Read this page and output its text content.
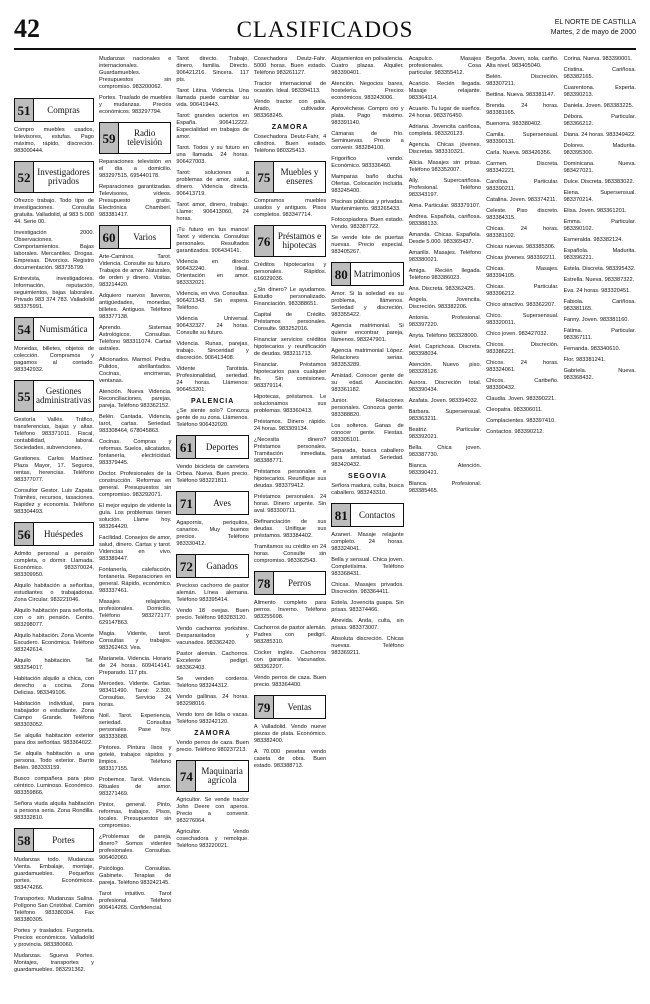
42	CLASIFICADOS	EL NORTE DE CASTILLA
Martes, 2 de mayo de 2000
51	Compras

Compro muebles usados, televisores, estufas. Pago máximo, rápido, discreción. 983000444.

52 Investigadores privados

Ofrezco trabajo. Todo tipo de investigaciones. Consulta gratuita. Valladolid, al 983 5.000 44. Serie 00.

Investigación 2000. Observaciones. Comportamientos. Bajas laborales. Mercantiles. Drogas. Empresas. Divorcios. Registro documentación. 983735799.

Entrevista, investigadores. Información, reputación, seguimientos, bajas laborales. Privado 983 374 783. Valladolid 983375991.

54 Numismática

Monedas, billetes, objetos de colección. Compramos y pagamos al contado. 983342932.

55	Gestiones administrativas

Gestoría Vallés. Tráfico, transferencias, bajas y altas. Teléfono 983371011. Fiscal, contabilidad, laboral. Sociedades, subvenciones.

Gestiones. Carlos Martínez. Plaza Mayor, 17. Seguros, rentas, herencias. Teléfono 983377077.

Consultor Gestor. Luis Zapata. Trámites, recursos, tasaciones. Rapidez y economía. Teléfono 983304493.

56	Huéspedes

Admito personal a pensión completa, o dormir. Llamada. Económico. 983370024, 983309950.

Alquilo habitación a señoritas, estudiantes o trabajadoras. Zona Circular. 983221046.

Alquilo habitación para señorita, con o sin pensión. Centro. 983298077.

Alquilo habitación. Zona Vicente Escudero. Económica. Teléfono 983242614.

Alquilo habitación. Tel. 983254017.

Habitación alquilo a chica, con derecho a cocina. Zona Delicias. 983349106.

Habitación individual, para trabajador o estudiante. Zona Campo Grande. Teléfono 983303052.

Se alquila habitación exterior para dos señoritas. 983364022.

Se alquila habitación a una persona. Todo exterior. Barrio Belén. 983333159.

Busco compañera para piso céntrico. Luminoso. Económico. 983359866.

Señora viuda alquila habitación a persona seria. Zona Rondilla. 983332810.

58	Portes

Mudanzas todo. Mudanzas Vienta. Embalaje, montaje, guardamuebles. Pequeños portes. Económicos. 983474266.

Transportes. Mudanzas Salina. Polígono San Cristóbal. Camión Teléfono 983380304. Fax 983380305.

Portes y traslados. Furgoneta. Precios económicos. Valladolid y provincia. 983380060.

Mudanzas. Sgueva Portes. Montajes, transportes y guardamuebles. 983291362.

Mudanzas nacionales e internacionales. Guardamuebles. Presupuestos sin compromiso. 983200062.

Portes. Traslado de muebles y mudanzas. Precios económicos. 983297794.

59	Radio televisión

Reparaciones televisión en el día a domicilio. 983297515. 695440178.

Reparaciones garantizadas. Televisores, vídeos. Presupuesto gratis. Electrónica Chamberí. 983381417.

60	Varios

Arte-Caminos. Tarot. Videncia. Consulte su futuro. Trabajos de amor. Naturales, de orden y dinero. Visitas. 983214420.

Adquiero nuevos llaveros, antigüedades, monedas, billetes. Antiguos. Teléfono 983377138.

Aprendo. Sistemas Astrológicos. Consultas. Teléfono 983311074. Cartas astrales.

Aficionados. Marmol. Pedra. Pulidos, abrillantados. Cocinas, encimeras, ventanas.

Atención. Nueva Videncia. Reconciliaciones, parejas, pareja. Teléfono 983362152.

Belén. Cantada. Videncia, tarot, cartas. Seriedad. 983308464, 678045863.

Cocinas. Compras y reformas. Suelos, alicatados, fontanería, electricidad. 983379445.

Doctor. Profesionales de la construcción. Reformas en general. Presupuestos sin compromiso. 983292071.

El mejor equipo de vidente la guía. Los problemas tienen solución. Llame hoy. 983264420.

Facilidad. Consejos de amor, salud, dinero. Cartas y tarot. Videncias en vivo. 983389447.

Fontanería, calefacción, fontanería. Reparaciones en general. Rápido, económico. 983337461.

Masajes relajantes, profesionales. Domicilio. Teléfono 983272177. 629147863.

Magia. Vidente, tarot. Consultas y trabajos. 983262463. Vea.

Marianela. Videncia. Horario de 24 horas. 609414141. Preparado. 117 pts.

Mercedes. Vidente. Cartas. 983411490. Tarot: 2.300. Consultas. Servicio 24 horas.

Noil. Tarot. Experiencia, seriedad. Consultas personales. Pase hoy. 983333688.

Pintores. Pintura lisos y gotelé, trabajos rápidos y limpios. Teléfono 983317155.

Probemos. Tarot. Videncia. Rituales de amor. 983271469.

Pintor, general. Pinto, reformas, trabajos. Pisos, locales. Presupuestos sin compromiso.

¿Problemas de pareja, dinero? Somos videntes profesionales. Consultas. 906402060.

Psicólogo. Consultas. Gabinete. Terapias de pareja. Teléfono 983242145.

Tarot intuitivo. Tarot profesional. Teléfono 906414265. Confidencial.

Tarot directo. Trabajo, dinero, familia. Directo. 906421216. Sincera. 117 pts.

Tarot Litina. Videncia. Una llamada puede cambiar su vida. 906419443.

Tarot: grandes aciertos en España. 906412222. Especialidad en trabajos de amor.

Tarot. Todos y su futuro en una llamada. 24 horas. 906427003.

Tarot: soluciones a problemas de amor, salud, dinero. Videncia directa. 906413719.

Tarot amor, dinero, trabajo. Llame: 906413060, 24 horas.

¡Tu futuro en tus manos! Tarot y videncia. Consultas personales. Resultados garantizados. 906434141.

Videncia en directo 906432240. Ideal. Orientación en amor. 983332021.

Videncia, en vivo. Consultas. 906421343. Sin espera. Teléfono.

Videncia Universal. 906432327. 24 horas. Consulte su futuro.

Videncia. Runas, parejas, trabajo. Sinceridad y discreción. 906413408.

Vidente Tarotista. Profesionalidad, seriedad. 24 horas. Llámenos: 906453201.

PALENCIA

¿Se siente solo? Conozca gente de su zona. Llámenos. Teléfono 906432020.

61	Deportes

Vendo bicicleta de carretera Orbea. Nueva. Buen precio. Teléfono 983221811.

71	Aves

Agapornis, periquitos, canarios. Muy buenos precios. Teléfono 983330412.

72	Ganados

Precioso cachorro de pastor alemán. Línea alemana. Teléfono 983395414.

Vendo 18 ovejas. Buen precio. Teléfono 983283120.

Vendo cachorros yorkshire. Desparasitados y vacunados. 983362420.

Pastor alemán. Cachorros. Excelente pedigrí. 983362403.

Se venden corderos. Teléfono 983244312.

Vendo gallinas. 24 horas. 983298016.

Vendo toro de lidia o vacas. Teléfono 983242120.

ZAMORA

Vendo perros de caza. Buen precio. Teléfono 980237213.

74 Maquinaria agrícola

Agricultor. Se vende tractor John Deere con aperos. Precio a convenir. 983276064.

Agricultor. Vendo cosechadora y remolque. Teléfono 983220021.

Cosechadora Deutz-Fahr. 5000 horas. Buen estado. Teléfono 983261127.

Tractor internacional de ocasión. Ideal. 983394113.

Vendo tractor con pala. Arado, cultivador. 983368245.

ZAMORA

Cosechadora Deutz-Fahr, 4 cilindros. Buen estado. Teléfono 980325413.

75	Muebles y enseres

Compramos muebles usados y antiguos. Pisos completos. 983347714.

76 Préstamos e hipotecas

Créditos hipotecarios y personales. Rápidos. 616029036.

¿Sin dinero? Le ayudamos. Estudio personalizado. Financiación. 983388651.

Capital de Crédito. Préstamos personales. Consulte. 983252016.

Financiar servicios créditos hipotecarios y reunificación de deudas. 983211713.

Financiar. Préstamos hipotecarios para cualquier fin. Sin comisiones. 983379114.

Hipotecas, préstamos. Le solucionamos sus problemas. 983360413.

Préstamos. Dinero rápido. 24 horas. 983309134.

¿Necesita dinero? Préstamos personales. Tramitación inmediata. 983388771.

Préstamos personales e hipotecarios. Reunifique sus deudas. 983379412.

Préstamos personales. 24 horas. Dinero urgente. Sin aval. 983300711.

Refinanciación de sus deudas. Unifique sus préstamos. 983384402.

Tramitamos su crédito en 24 horas. Consulte sin compromiso. 983362543.

78	Perros

Alimento completo para perros. Inverno. Teléfono 983255698.

Cachorros de pastor alemán. Padres con pedigrí. 983285310.

Cocker inglés. Cachorros con garantía. Vacunados. 983362207.

Vendo perros de caza. Buen precio. 983364400.

79	Ventas

A Valladolid. Vendo nueve piezas de plata. Económico. 983382400.

A 70.000 pesetas vendo caseta de obra. Buen estado. 983388713.

Alojamientos en polivalencia. Cuatro plazas. Alquiler. 983390401.

Atención. Negocios bares, hostelería. Precios económicos. 983243006.

Aprovéchese. Compro oro y plata. Pago máximo. 983391140.

Cámaras de frío. Seminuevas. Precio a convenir. 983284100.

Frigorífico vendo. Económico. 983336460.

Mamparas baño ducha. Ofertas. Colocación incluida. 983245400.

Piscinas públicas y privadas. Mantenimiento. 983265433.

Fotocopiadora. Buen estado. Vendo. 983387722.

Se vende lote de puertas nuevas. Precio especial. 983405267.

80 Matrimonios

Amor. Si la soledad es su problema, llámenos. Seriedad y discreción. 983355422.

Agencia matrimonial. Si quiere encontrar pareja, llámenos. 983247901.

Agencia matrimonial López. Relaciones serias. 983353289.

Amistad. Conocer gente de su edad. Asociación. 983361182.

Junior. Relaciones personales. Conozca gente. 983388820.

Los solteros. Ganas de conocer gente. Fiestas. 983305101.

Separada, busca caballero para amistad. Seriedad. 983420432.

SEGOVIA

Señora madura, culta, busca caballero. 983243310.

81	Contactos

Azaneri. Masaje relajante completo. 24 horas. 983324041.

Bella y sensual. Chica joven. Completísima. Teléfono 983368431.

Chicas. Masajes privados. Discreción. 983364411.

Estela. Jovencita guapa. Sin prisas. 983374466.

Atrevida. Anda, culta, sin prisas. 983373007.

Absoluta discreción. Chicas nuevas. Teléfono 983369211.

Acapulco. Masajes profesionales. Cosa particular. 983355412.

Acaricio. Recién llegada. Masaje relajante. 983364114.

Acuario. Tu lugar de sueños. 24 horas. 983376450.

Adriana. Jovencita cariñosa, completa. 983320123.

Agencia. Chicas jóvenes. Discretas. 983310321.

Alicia. Masajes sin prisas. Teléfono 983352007.

Ally. Supercariñosa. Profesional. Teléfono 983343197.

Alma. Particular. 983379107.

Andrea. Española, cariñosa. 983388133.

Amanda. Chicas. Española. Desde 5.000. 983365437.

Amarilis. Masajes. Teléfono 983380021.

Amiga. Recién llegada. Teléfono 983386023.

Ana. Discreta. 983362425.

Ángela. Jovencita. Discreción. 983382206.

Antonia. Profesional. 983397220.

Anyta. Teléfono 983328000.

Ariel. Caprichosa. Discreta. 983398034.

Atención. Nuevo piso. 983328126.

Aurora. Discreción total. 983390434.

Azafata. Joven. 983394032.

Bárbara. Supersensual. 983363211.

Beatriz. Particular. 983392021.

Bella. Chica joven. 983387730.

Bianca. Atención. 983390421.

Blanca. Profesional. 983385465.

Begoña. Joven, sola, cariño. Alta nivel. 983405040.

Belén. Discreción. 983307211.

Bettina. Nueva. 983381147.

Brenda. 24 horas. 983381165.

Buenorra. 983380402.

Camila. Supersensual. 983390131.

Carla. Nueva. 983426356.

Carmen. Discreta. 983342221.

Carolina. Particular. 983390211.

Catalina. Joven. 983374211.

Celeste. Piso discreto. 983384315.

Chicas. 24 horas. 983381102.

Chicas nuevas. 983385306.

Chicas jóvenes. 983392211.

Chicas. Masajes. 983394105.

Chicas. Particular. 983396212.

Chico atractivo. 983362207.

Chico. Supersensual. 983320011.

Chico joven. 983427032.

Chicos. Discreción. 983386221.

Chicos. 24 horas. 983324061.

Chicos. Caribeño. 983390432.

Claudia. Joven. 983390221.

Cleopatra. 983306011.

Complacientes. 983397410.

Contactos. 983390212.

Corina. Nueva. 983390001.

Cristina. Cariñosa. 983382165.

Cuarentona. Experta. 983390213.

Daniela. Joven. 983383225.

Débora. Particular. 983366212.

Diana. 24 horas. 983349422.

Dolores. Madurita. 983395300.

Dominicana. Nueva. 983427021.

Dulce. Discreta. 983383022.

Elena. Supersensual. 983370214.

Elisa. Joven. 983361201.

Emma. Particular. 983390102.

Esmeralda. 983382124.

Española. Madurita. 983396221.

Estela. Discreta. 983395432.

Estrella. Nueva. 983387322.

Eva. 24 horas. 983320451.

Fabiola. Cariñosa. 983381165.

Fanny. Joven. 983381160.

Fátima. Particular. 983367111.

Fernanda. 983340610.

Flor. 983381241.

Gabriela. Nueva. 983368432.
